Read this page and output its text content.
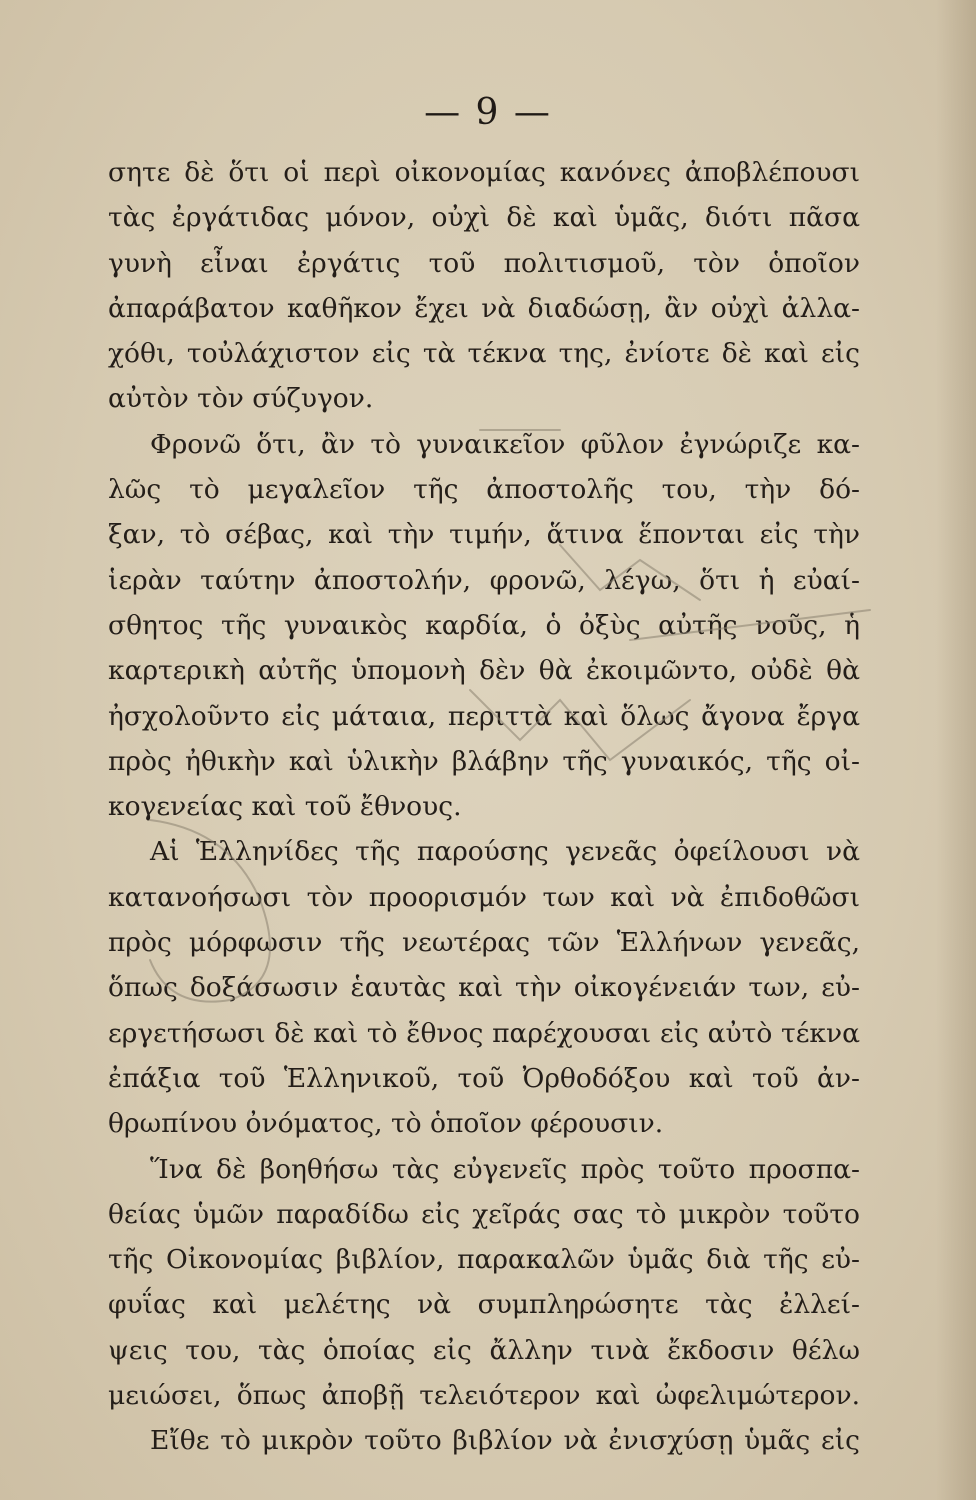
— 9 —
σητε δὲ ὅτι οἱ περὶ οἰκονομίας κανόνες ἀποβλέπουσι
τὰς ἐργάτιδας μόνον, οὐχὶ δὲ καὶ ὑμᾶς, διότι πᾶσα
γυνὴ εἶναι ἐργάτις τοῦ πολιτισμοῦ, τὸν ὁποῖον
ἀπαράβατον καθῆκον ἔχει νὰ διαδώσῃ, ἂν οὐχὶ ἀλλα-
χόθι, τοὐλάχιστον εἰς τὰ τέκνα της, ἐνίοτε δὲ καὶ εἰς
αὐτὸν τὸν σύζυγον.
Φρονῶ ὅτι, ἂν τὸ γυναικεῖον φῦλον ἐγνώριζε κα-
λῶς τὸ μεγαλεῖον τῆς ἀποστολῆς του, τὴν δό-
ξαν, τὸ σέβας, καὶ τὴν τιμήν, ἅτινα ἕπονται εἰς τὴν
ἱερὰν ταύτην ἀποστολήν, φρονῶ, λέγω, ὅτι ἡ εὐαί-
σθητος τῆς γυναικὸς καρδία, ὁ ὀξὺς αὐτῆς νοῦς, ἡ
καρτερικὴ αὐτῆς ὑπομονὴ δὲν θὰ ἐκοιμῶντο, οὐδὲ θὰ
ἠσχολοῦντο εἰς μάταια, περιττὰ καὶ ὅλως ἄγονα ἔργα
πρὸς ἠθικὴν καὶ ὑλικὴν βλάβην τῆς γυναικός, τῆς οἰ-
κογενείας καὶ τοῦ ἔθνους.
Αἱ Ἑλληνίδες τῆς παρούσης γενεᾶς ὀφείλουσι νὰ
κατανοήσωσι τὸν προορισμόν των καὶ νὰ ἐπιδοθῶσι
πρὸς μόρφωσιν τῆς νεωτέρας τῶν Ἑλλήνων γενεᾶς,
ὅπως δοξάσωσιν ἑαυτὰς καὶ τὴν οἰκογένειάν των, εὐ-
εργετήσωσι δὲ καὶ τὸ ἔθνος παρέχουσαι εἰς αὐτὸ τέκνα
ἐπάξια τοῦ Ἑλληνικοῦ, τοῦ Ὀρθοδόξου καὶ τοῦ ἀν-
θρωπίνου ὀνόματος, τὸ ὁποῖον φέρουσιν.
Ἵνα δὲ βοηθήσω τὰς εὐγενεῖς πρὸς τοῦτο προσπα-
θείας ὑμῶν παραδίδω εἰς χεῖράς σας τὸ μικρὸν τοῦτο
τῆς Οἰκονομίας βιβλίον, παρακαλῶν ὑμᾶς διὰ τῆς εὐ-
φυΐας καὶ μελέτης νὰ συμπληρώσητε τὰς ἐλλεί-
ψεις του, τὰς ὁποίας εἰς ἄλλην τινὰ ἔκδοσιν θέλω
μειώσει, ὅπως ἀποβῇ τελειότερον καὶ ὠφελιμώτερον.
Εἴθε τὸ μικρὸν τοῦτο βιβλίον νὰ ἐνισχύσῃ ὑμᾶς εἰς
